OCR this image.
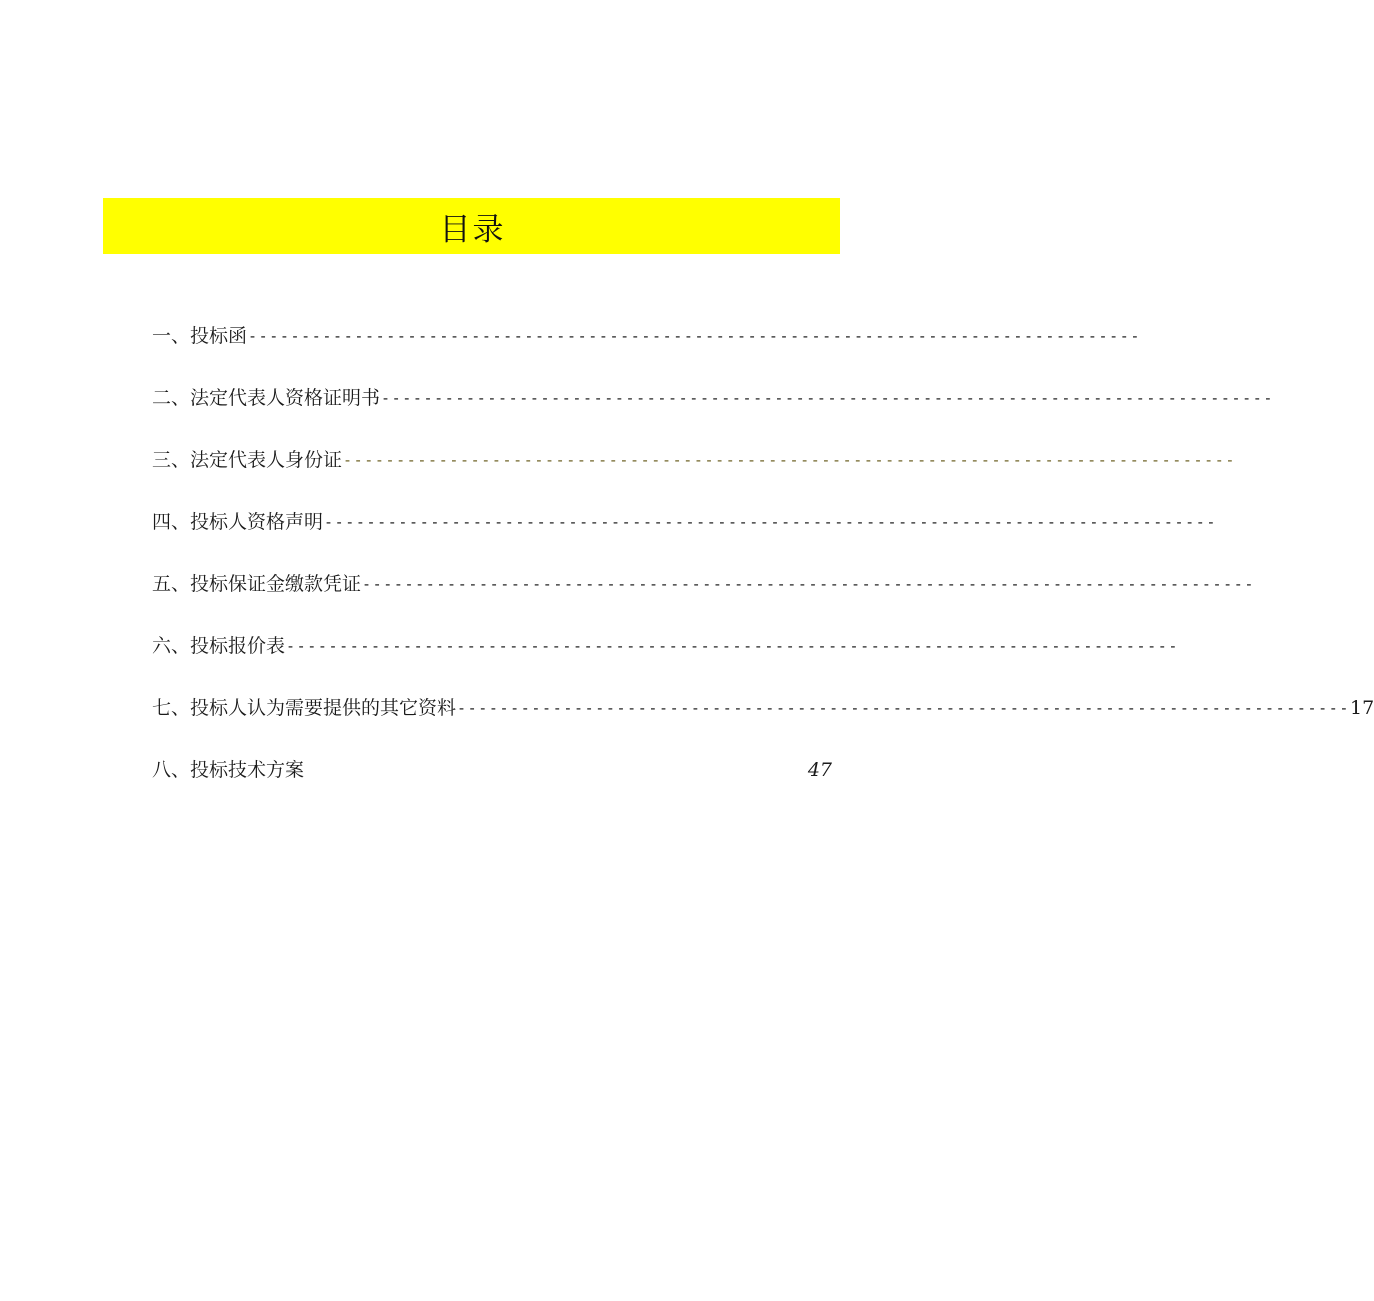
目录
一、投标函 ------------------------------------------------------------------------------------
二、法定代表人资格证明书 ------------------------------------------------------------------------------------
三、法定代表人身份证 ------------------------------------------------------------------------------------
四、投标人资格声明 ------------------------------------------------------------------------------------
五、投标保证金缴款凭证 ------------------------------------------------------------------------------------
六、投标报价表 ------------------------------------------------------------------------------------
七、投标人认为需要提供的其它资料 ------------------------------------------------------------------------------------ 17
八、投标技术方案	47
